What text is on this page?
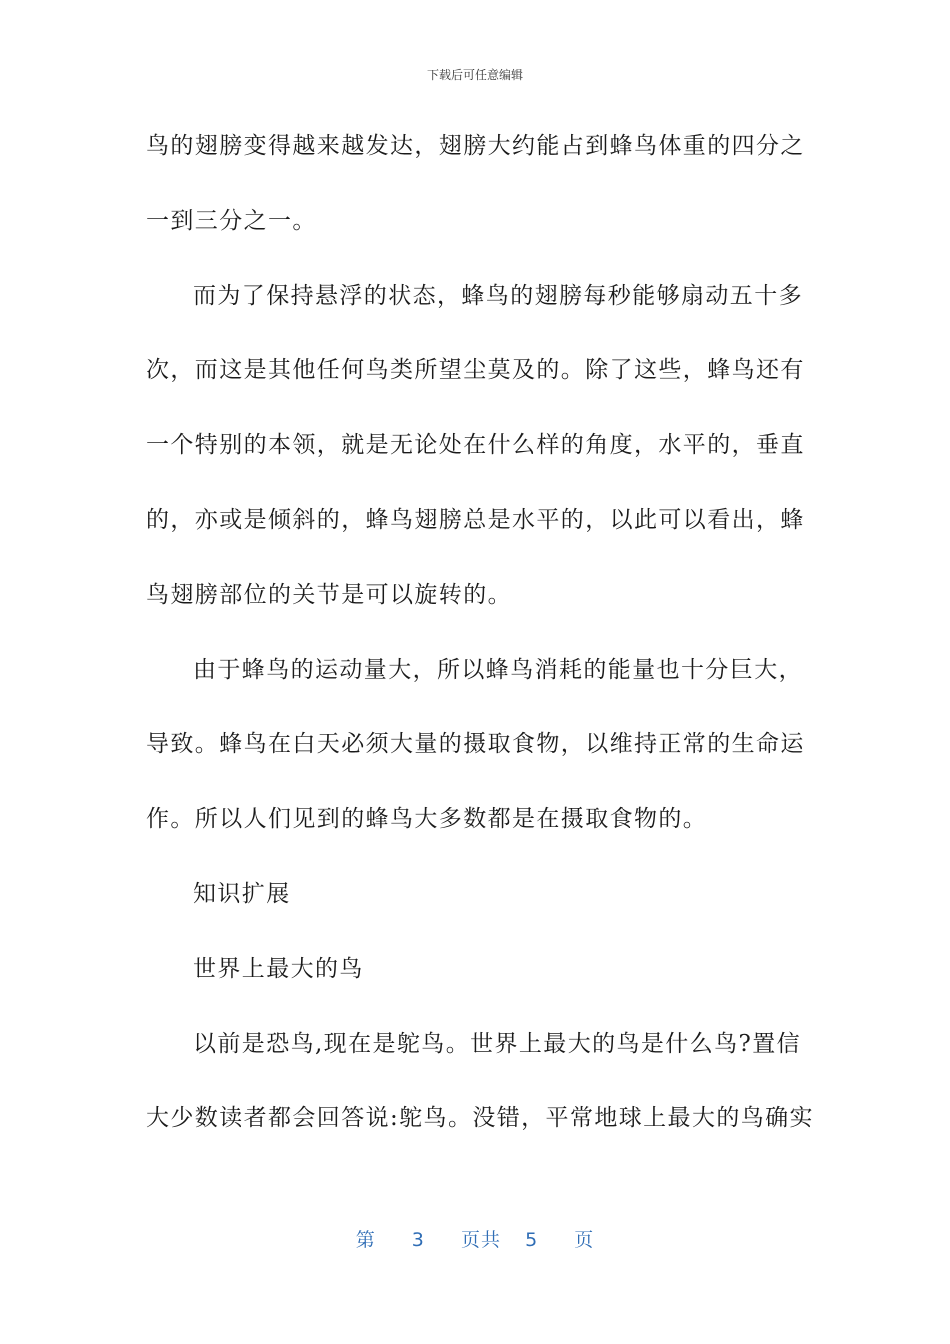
下载后可任意编辑
鸟的翅膀变得越来越发达，翅膀大约能占到蜂鸟体重的四分之
一到三分之一。
而为了保持悬浮的状态，蜂鸟的翅膀每秒能够扇动五十多
次，而这是其他任何鸟类所望尘莫及的。除了这些，蜂鸟还有
一个特别的本领，就是无论处在什么样的角度，水平的，垂直
的，亦或是倾斜的，蜂鸟翅膀总是水平的，以此可以看出，蜂
鸟翅膀部位的关节是可以旋转的。
由于蜂鸟的运动量大，所以蜂鸟消耗的能量也十分巨大，
导致。蜂鸟在白天必须大量的摄取食物，以维持正常的生命运
作。所以人们见到的蜂鸟大多数都是在摄取食物的。
知识扩展
世界上最大的鸟
以前是恐鸟,现在是鸵鸟。世界上最大的鸟是什么鸟?置信
大少数读者都会回答说:鸵鸟。没错，平常地球上最大的鸟确实
第 3 页共 5 页
